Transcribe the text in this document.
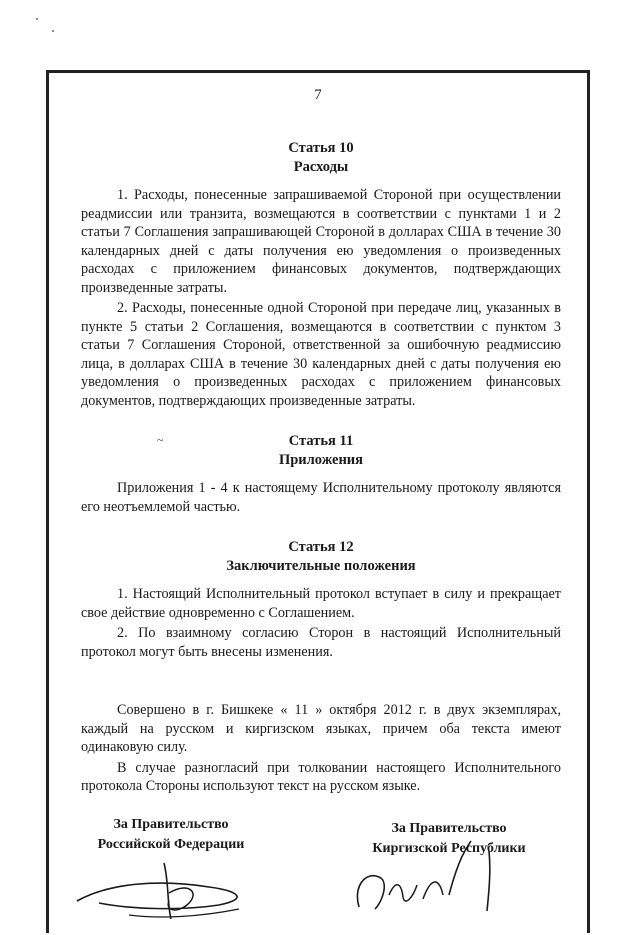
7
Статья 10
Расходы

1. Расходы, понесенные запрашиваемой Стороной при осуществлении реадмиссии или транзита, возмещаются в соответствии с пунктами 1 и 2 статьи 7 Соглашения запрашивающей Стороной в долларах США в течение 30 календарных дней с даты получения ею уведомления о произведенных расходах с приложением финансовых документов, подтверждающих произведенные затраты.

2. Расходы, понесенные одной Стороной при передаче лиц, указанных в пункте 5 статьи 2 Соглашения, возмещаются в соответствии с пунктом 3 статьи 7 Соглашения Стороной, ответственной за ошибочную реадмиссию лица, в долларах США в течение 30 календарных дней с даты получения ею уведомления о произведенных расходах с приложением финансовых документов, подтверждающих произведенные затраты.

Статья 11
Приложения

Приложения 1 - 4 к настоящему Исполнительному протоколу являются его неотъемлемой частью.

Статья 12
Заключительные положения

1. Настоящий Исполнительный протокол вступает в силу и прекращает свое действие одновременно с Соглашением.

2. По взаимному согласию Сторон в настоящий Исполнительный протокол могут быть внесены изменения.

Совершено в г. Бишкеке « 11 » октября 2012 г. в двух экземплярах, каждый на русском и киргизском языках, причем оба текста имеют одинаковую силу.

В случае разногласий при толковании настоящего Исполнительного протокола Стороны используют текст на русском языке.

~
За Правительство
Российской Федерации
За Правительство
Киргизской Республики
